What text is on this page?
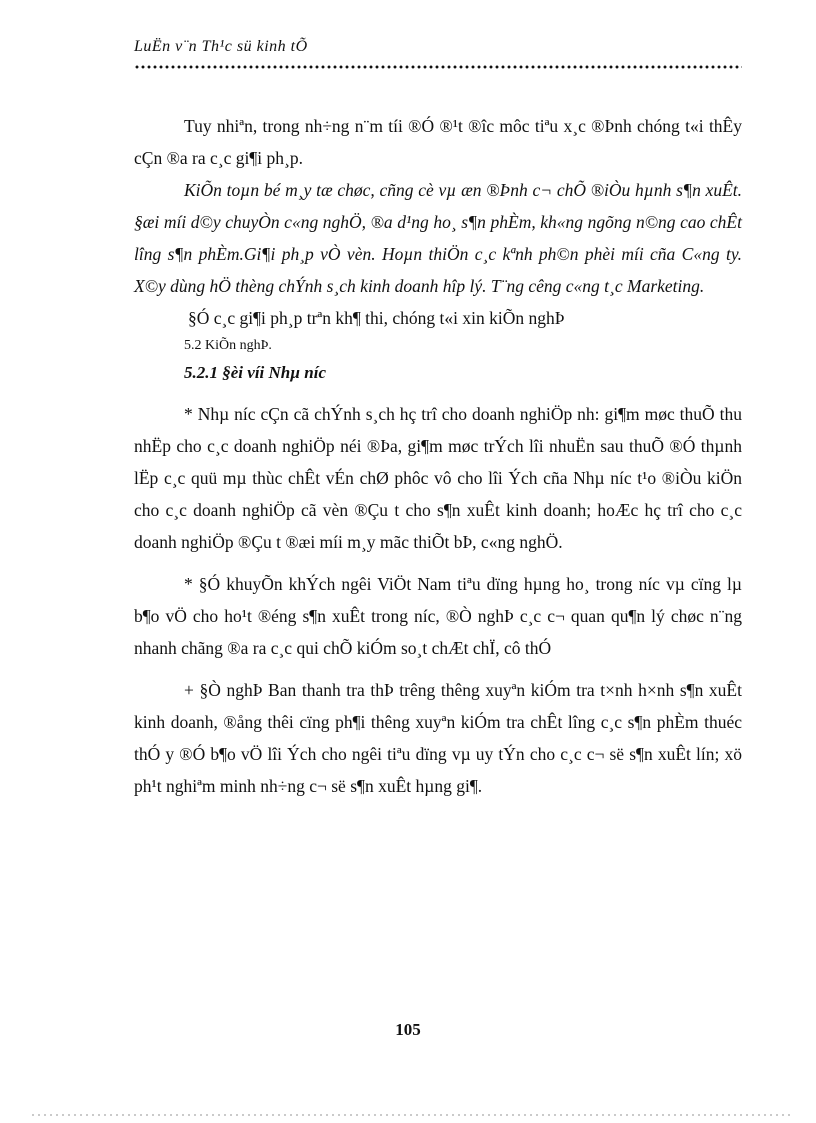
LuËn v¨n Th¹c sü kinh tÕ

Tuy nhiªn, trong nh÷ng n¨m tíi ®Ó ®¹t ®îc môc tiªu x¸c ®Þnh chóng t«i thÊy cÇn ®a ra c¸c gi¶i ph¸p.

KiÕn toµn bé m¸y tæ chøc, cñng cè vµ æn ®Þnh c¬ chÕ ®iÒu hµnh s¶n xuÊt. §æi míi d©y chuyÒn c«ng nghÖ, ®a d¹ng ho¸ s¶n phÈm, kh«ng ngõng n©ng cao chÊt lîng s¶n phÈm.Gi¶i ph¸p vÒ vèn. Hoµn thiÖn c¸c kªnh ph©n phèi míi cña C«ng ty. X©y dùng hÖ thèng chÝnh s¸ch kinh doanh hîp lý. T¨ng cêng c«ng t¸c Marketing.

§Ó c¸c gi¶i ph¸p trªn kh¶ thi, chóng t«i xin kiÕn nghÞ

5.2 KiÕn nghÞ.

5.2.1 §èi víi Nhµ níc

* Nhµ níc cÇn cã chÝnh s¸ch hç trî cho doanh nghiÖp nh: gi¶m møc thuÕ thu nhËp cho c¸c doanh nghiÖp néi ®Þa, gi¶m møc trÝch lîi nhuËn sau thuÕ ®Ó thµnh lËp c¸c quü mµ thùc chÊt vÉn chØ phôc vô cho lîi Ých cña Nhµ níc t¹o ®iÒu kiÖn cho c¸c doanh nghiÖp cã vèn ®Çu t cho s¶n xuÊt kinh doanh; hoÆc hç trî cho c¸c doanh nghiÖp ®Çu t ®æi míi m¸y mãc thiÕt bÞ, c«ng nghÖ.

* §Ó khuyÕn khÝch ngêi ViÖt Nam tiªu dïng hµng ho¸ trong níc vµ cïng lµ b¶o vÖ cho ho¹t ®éng s¶n xuÊt trong níc, ®Ò nghÞ c¸c c¬ quan qu¶n lý chøc n¨ng nhanh chãng ®a ra c¸c qui chÕ kiÓm so¸t chÆt chÏ, cô thÓ

+ §Ò nghÞ Ban thanh tra thÞ trêng thêng xuyªn kiÓm tra t×nh h×nh s¶n xuÊt kinh doanh, ®ång thêi cïng ph¶i thêng xuyªn kiÓm tra chÊt lîng c¸c s¶n phÈm thuéc thÓ y ®Ó b¶o vÖ lîi Ých cho ngêi tiªu dïng vµ uy tÝn cho c¸c c¬ së s¶n xuÊt lín; xö ph¹t nghiªm minh nh÷ng c¬ së s¶n xuÊt hµng gi¶.

105
